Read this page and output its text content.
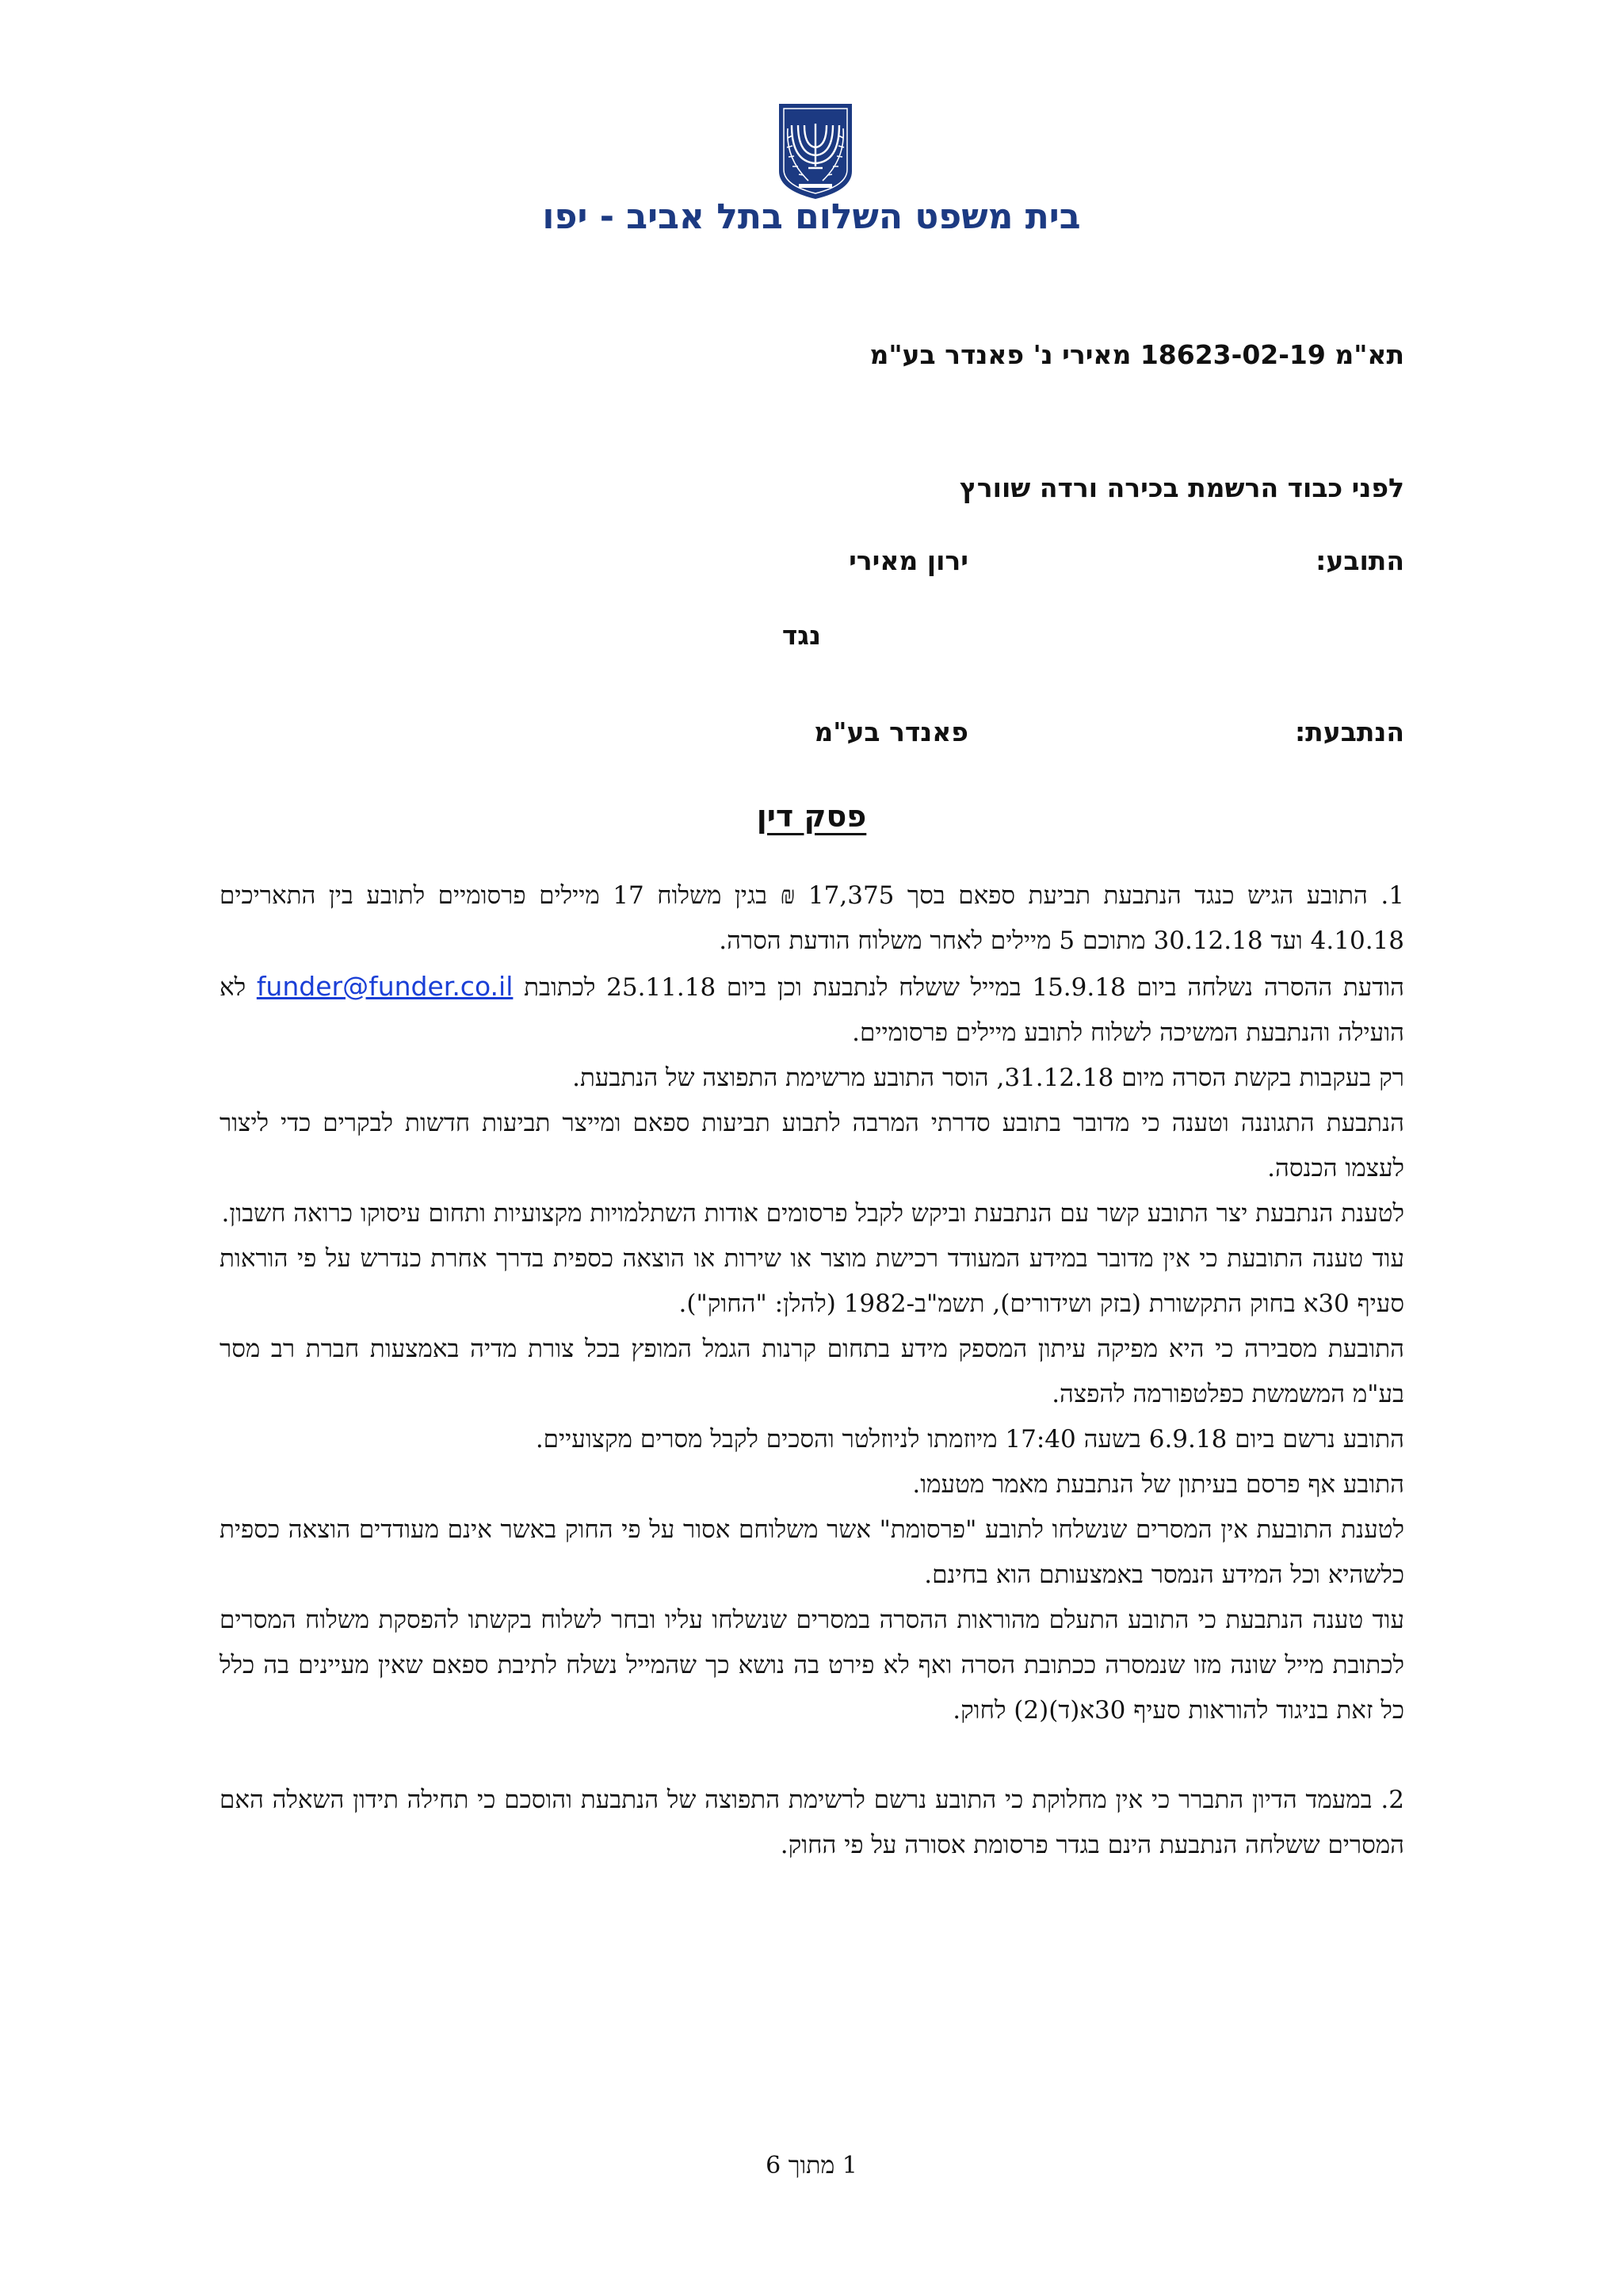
בית משפט השלום בתל אביב - יפו
תא"מ 18623-02-19 מאירי נ' פאנדר בע"מ
לפני כבוד הרשמת בכירה ורדה שוורץ
התובע:
ירון מאירי
נגד
הנתבעת:
פאנדר בע"מ
פסק דין

1. התובע הגיש כנגד הנתבעת תביעת ספאם בסך 17,375 ₪ בגין משלוח 17 מיילים פרסומיים לתובע בין התאריכים 4.10.18 ועד 30.12.18 מתוכם 5 מיילים לאחר משלוח הודעת הסרה.

הודעת ההסרה נשלחה ביום 15.9.18 במייל ששלח לנתבעת וכן ביום 25.11.18 לכתובת funder@funder.co.il לא הועילה והנתבעת המשיכה לשלוח לתובע מיילים פרסומיים.

רק בעקבות בקשת הסרה מיום 31.12.18, הוסר התובע מרשימת התפוצה של הנתבעת.

הנתבעת התגוננה וטענה כי מדובר בתובע סדרתי המרבה לתבוע תביעות ספאם ומייצר תביעות חדשות לבקרים כדי ליצור לעצמו הכנסה.

לטענת הנתבעת יצר התובע קשר עם הנתבעת וביקש לקבל פרסומים אודות השתלמויות מקצועיות ותחום עיסוקו כרואה חשבון.

עוד טענה התובעת כי אין מדובר במידע המעודד רכישת מוצר או שירות או הוצאה כספית בדרך אחרת כנדרש על פי הוראות סעיף 30א בחוק התקשורת (בזק ושידורים), תשמ"ב-1982 (להלן: "החוק").

התובעת מסבירה כי היא מפיקה עיתון המספק מידע בתחום קרנות הגמל המופץ בכל צורת מדיה באמצעות חברת רב מסר בע"מ המשמשת כפלטפורמה להפצה.

התובע נרשם ביום 6.9.18 בשעה 17:40 מיוזמתו לניוזלטר והסכים לקבל מסרים מקצועיים.

התובע אף פרסם בעיתון של הנתבעת מאמר מטעמו.

לטענת התובעת אין המסרים שנשלחו לתובע "פרסומת" אשר משלוחם אסור על פי החוק באשר אינם מעודדים הוצאה כספית כלשהיא וכל המידע הנמסר באמצעותם הוא בחינם.

עוד טענה הנתבעת כי התובע התעלם מהוראות ההסרה במסרים שנשלחו עליו ובחר לשלוח בקשתו להפסקת משלוח המסרים לכתובת מייל שונה מזו שנמסרה ככתובת הסרה ואף לא פירט בה נושא כך שהמייל נשלח לתיבת ספאם שאין מעיינים בה כלל כל זאת בניגוד להוראות סעיף 30א(ד)(2) לחוק.

2. במעמד הדיון התברר כי אין מחלוקת כי התובע נרשם לרשימת התפוצה של הנתבעת והוסכם כי תחילה תידון השאלה האם המסרים ששלחה הנתבעת הינם בגדר פרסומת אסורה על פי החוק.

1 מתוך 6
